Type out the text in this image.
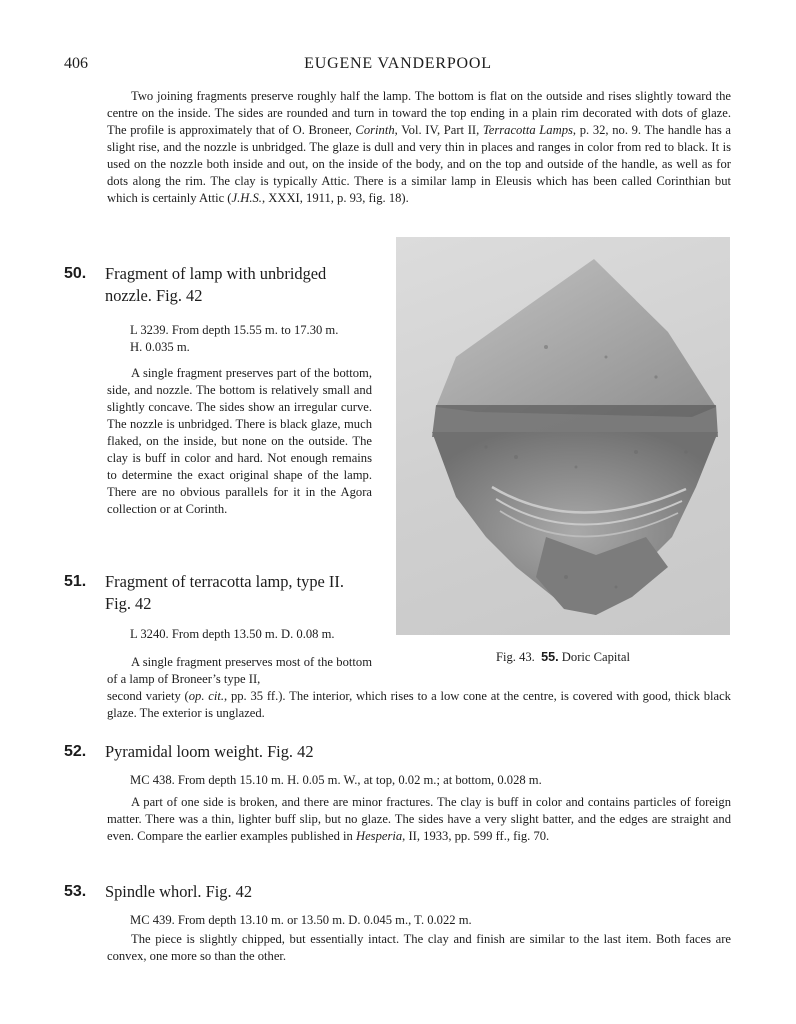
406	EUGENE VANDERPOOL
Two joining fragments preserve roughly half the lamp. The bottom is flat on the outside and rises slightly toward the centre on the inside. The sides are rounded and turn in toward the top ending in a plain rim decorated with dots of glaze. The profile is approximately that of O. Broneer, Corinth, Vol. IV, Part II, Terracotta Lamps, p. 32, no. 9. The handle has a slight rise, and the nozzle is unbridged. The glaze is dull and very thin in places and ranges in color from red to black. It is used on the nozzle both inside and out, on the inside of the body, and on the top and outside of the handle, as well as for dots along the rim. The clay is typically Attic. There is a similar lamp in Eleusis which has been called Corinthian but which is certainly Attic (J.H.S., XXXI, 1911, p. 93, fig. 18).
Fig. 43. 55. Doric Capital
50. Fragment of lamp with unbridged
nozzle. Fig. 42
L 3239. From depth 15.55 m. to 17.30 m.
H. 0.035 m.
A single fragment preserves part of the bottom, side, and nozzle. The bottom is relatively small and slightly concave. The sides show an irregular curve. The nozzle is unbridged. There is black glaze, much flaked, on the inside, but none on the outside. The clay is buff in color and hard. Not enough remains to determine the exact original shape of the lamp. There are no obvious parallels for it in the Agora collection or at Corinth.
51. Fragment of terracotta lamp, type II.
Fig. 42
L 3240. From depth 13.50 m. D. 0.08 m.
A single fragment preserves most of the bottom of a lamp of Broneer’s type II,
second variety (op. cit., pp. 35 ff.). The interior, which rises to a low cone at the centre, is covered with good, thick black glaze. The exterior is unglazed.
52. Pyramidal loom weight. Fig. 42
MC 438. From depth 15.10 m. H. 0.05 m. W., at top, 0.02 m.; at bottom, 0.028 m.
A part of one side is broken, and there are minor fractures. The clay is buff in color and contains particles of foreign matter. There was a thin, lighter buff slip, but no glaze. The sides have a very slight batter, and the edges are straight and even. Compare the earlier examples published in Hesperia, II, 1933, pp. 599 ff., fig. 70.
53. Spindle whorl. Fig. 42
MC 439. From depth 13.10 m. or 13.50 m. D. 0.045 m., T. 0.022 m.
The piece is slightly chipped, but essentially intact. The clay and finish are similar to the last item. Both faces are convex, one more so than the other.
